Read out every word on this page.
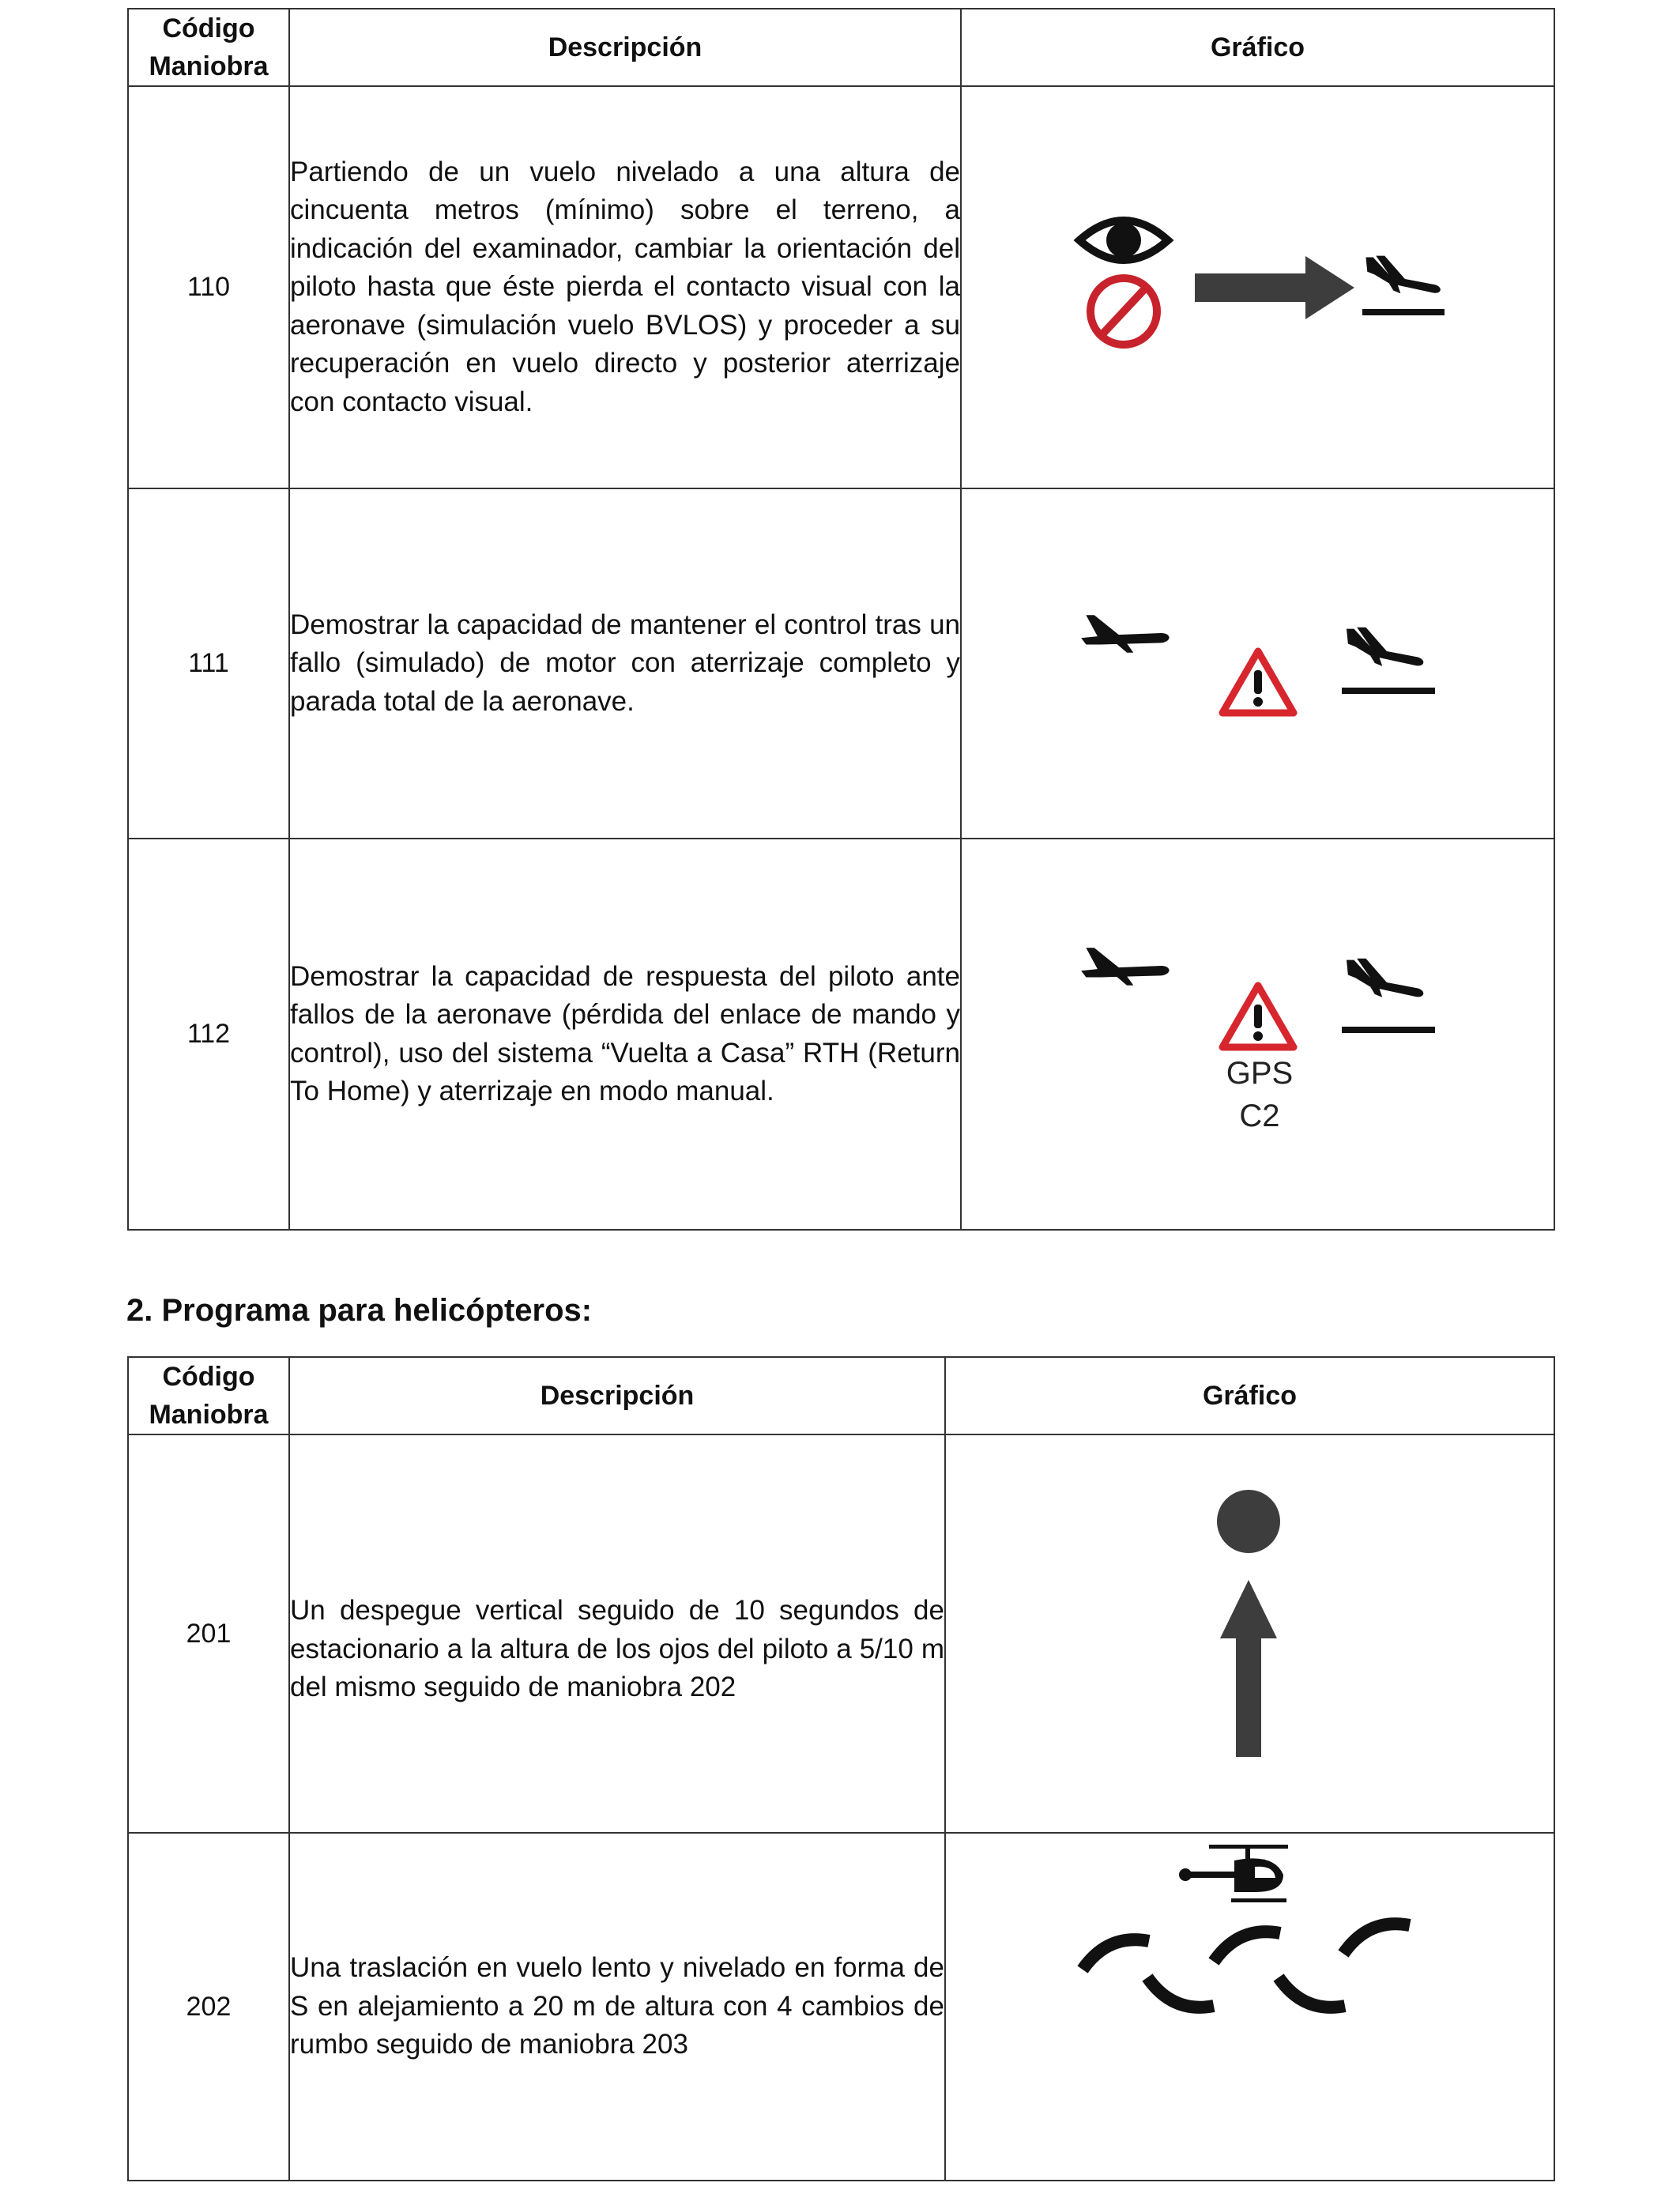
Código
Maniobra	Descripción	Gráfico
110	Partiendo de un vuelo nivelado a una altura de cincuenta metros (mínimo) sobre el terreno, a indicación del examinador, cambiar la orientación del piloto hasta que éste pierda el contacto visual con la aeronave (simulación vuelo BVLOS) y proceder a su recuperación en vuelo directo y posterior aterrizaje con contacto visual.	

111	Demostrar la capacidad de mantener el control tras un fallo (simulado) de motor con aterrizaje completo y parada total de la aeronave.	

112	Demostrar la capacidad de respuesta del piloto ante fallos de la aeronave (pérdida del enlace de mando y control), uso del sistema “Vuelta a Casa” RTH (Return To Home) y aterrizaje en modo manual.	GPS
C2
2. Programa para helicópteros:
Código
Maniobra	Descripción	Gráfico
201	Un despegue vertical seguido de 10 segundos de estacionario a la altura de los ojos del piloto a 5/10 m del mismo seguido de maniobra 202	

202	Una traslación en vuelo lento y nivelado en forma de S en alejamiento a 20 m de altura con 4 cambios de rumbo seguido de maniobra 203	
